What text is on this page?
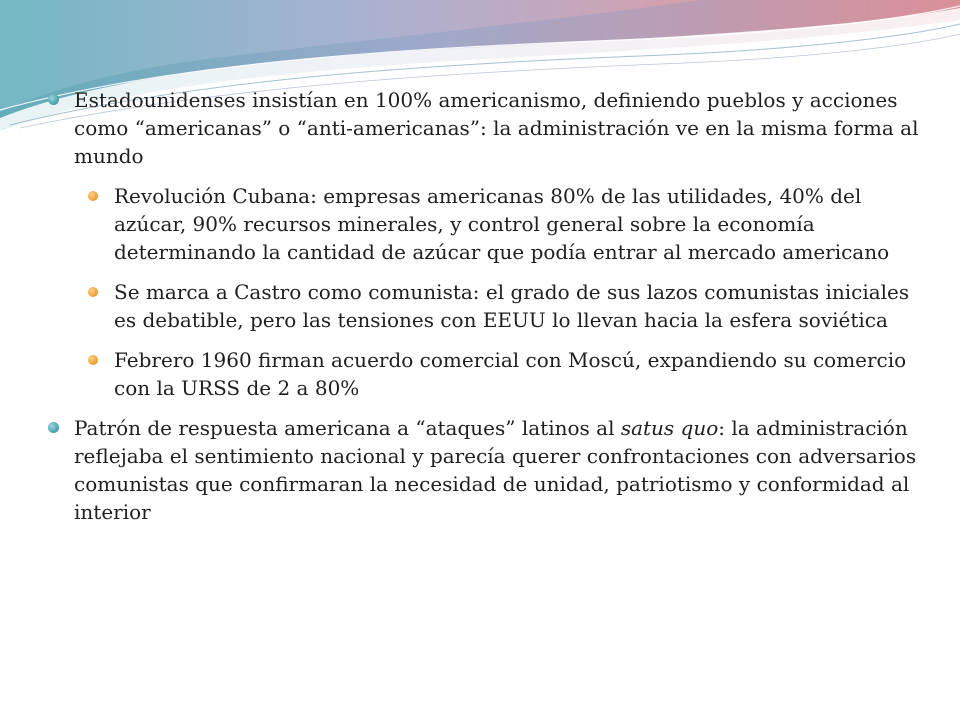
Estadounidenses insistían en 100% americanismo, definiendo pueblos y acciones como “americanas” o “anti-americanas”: la administración ve en la misma forma al mundo
Revolución Cubana: empresas americanas 80% de las utilidades, 40% del azúcar, 90% recursos minerales, y control general sobre la economía determinando la cantidad de azúcar que podía entrar al mercado americano
Se marca a Castro como comunista: el grado de sus lazos comunistas iniciales es debatible, pero las tensiones con EEUU lo llevan hacia la esfera soviética
Febrero 1960 firman acuerdo comercial con Moscú, expandiendo su comercio con la URSS de 2 a 80%
Patrón de respuesta americana a “ataques” latinos al satus quo: la administración reflejaba el sentimiento nacional y parecía querer confrontaciones con adversarios comunistas que confirmaran la necesidad de unidad, patriotismo y conformidad al interior
